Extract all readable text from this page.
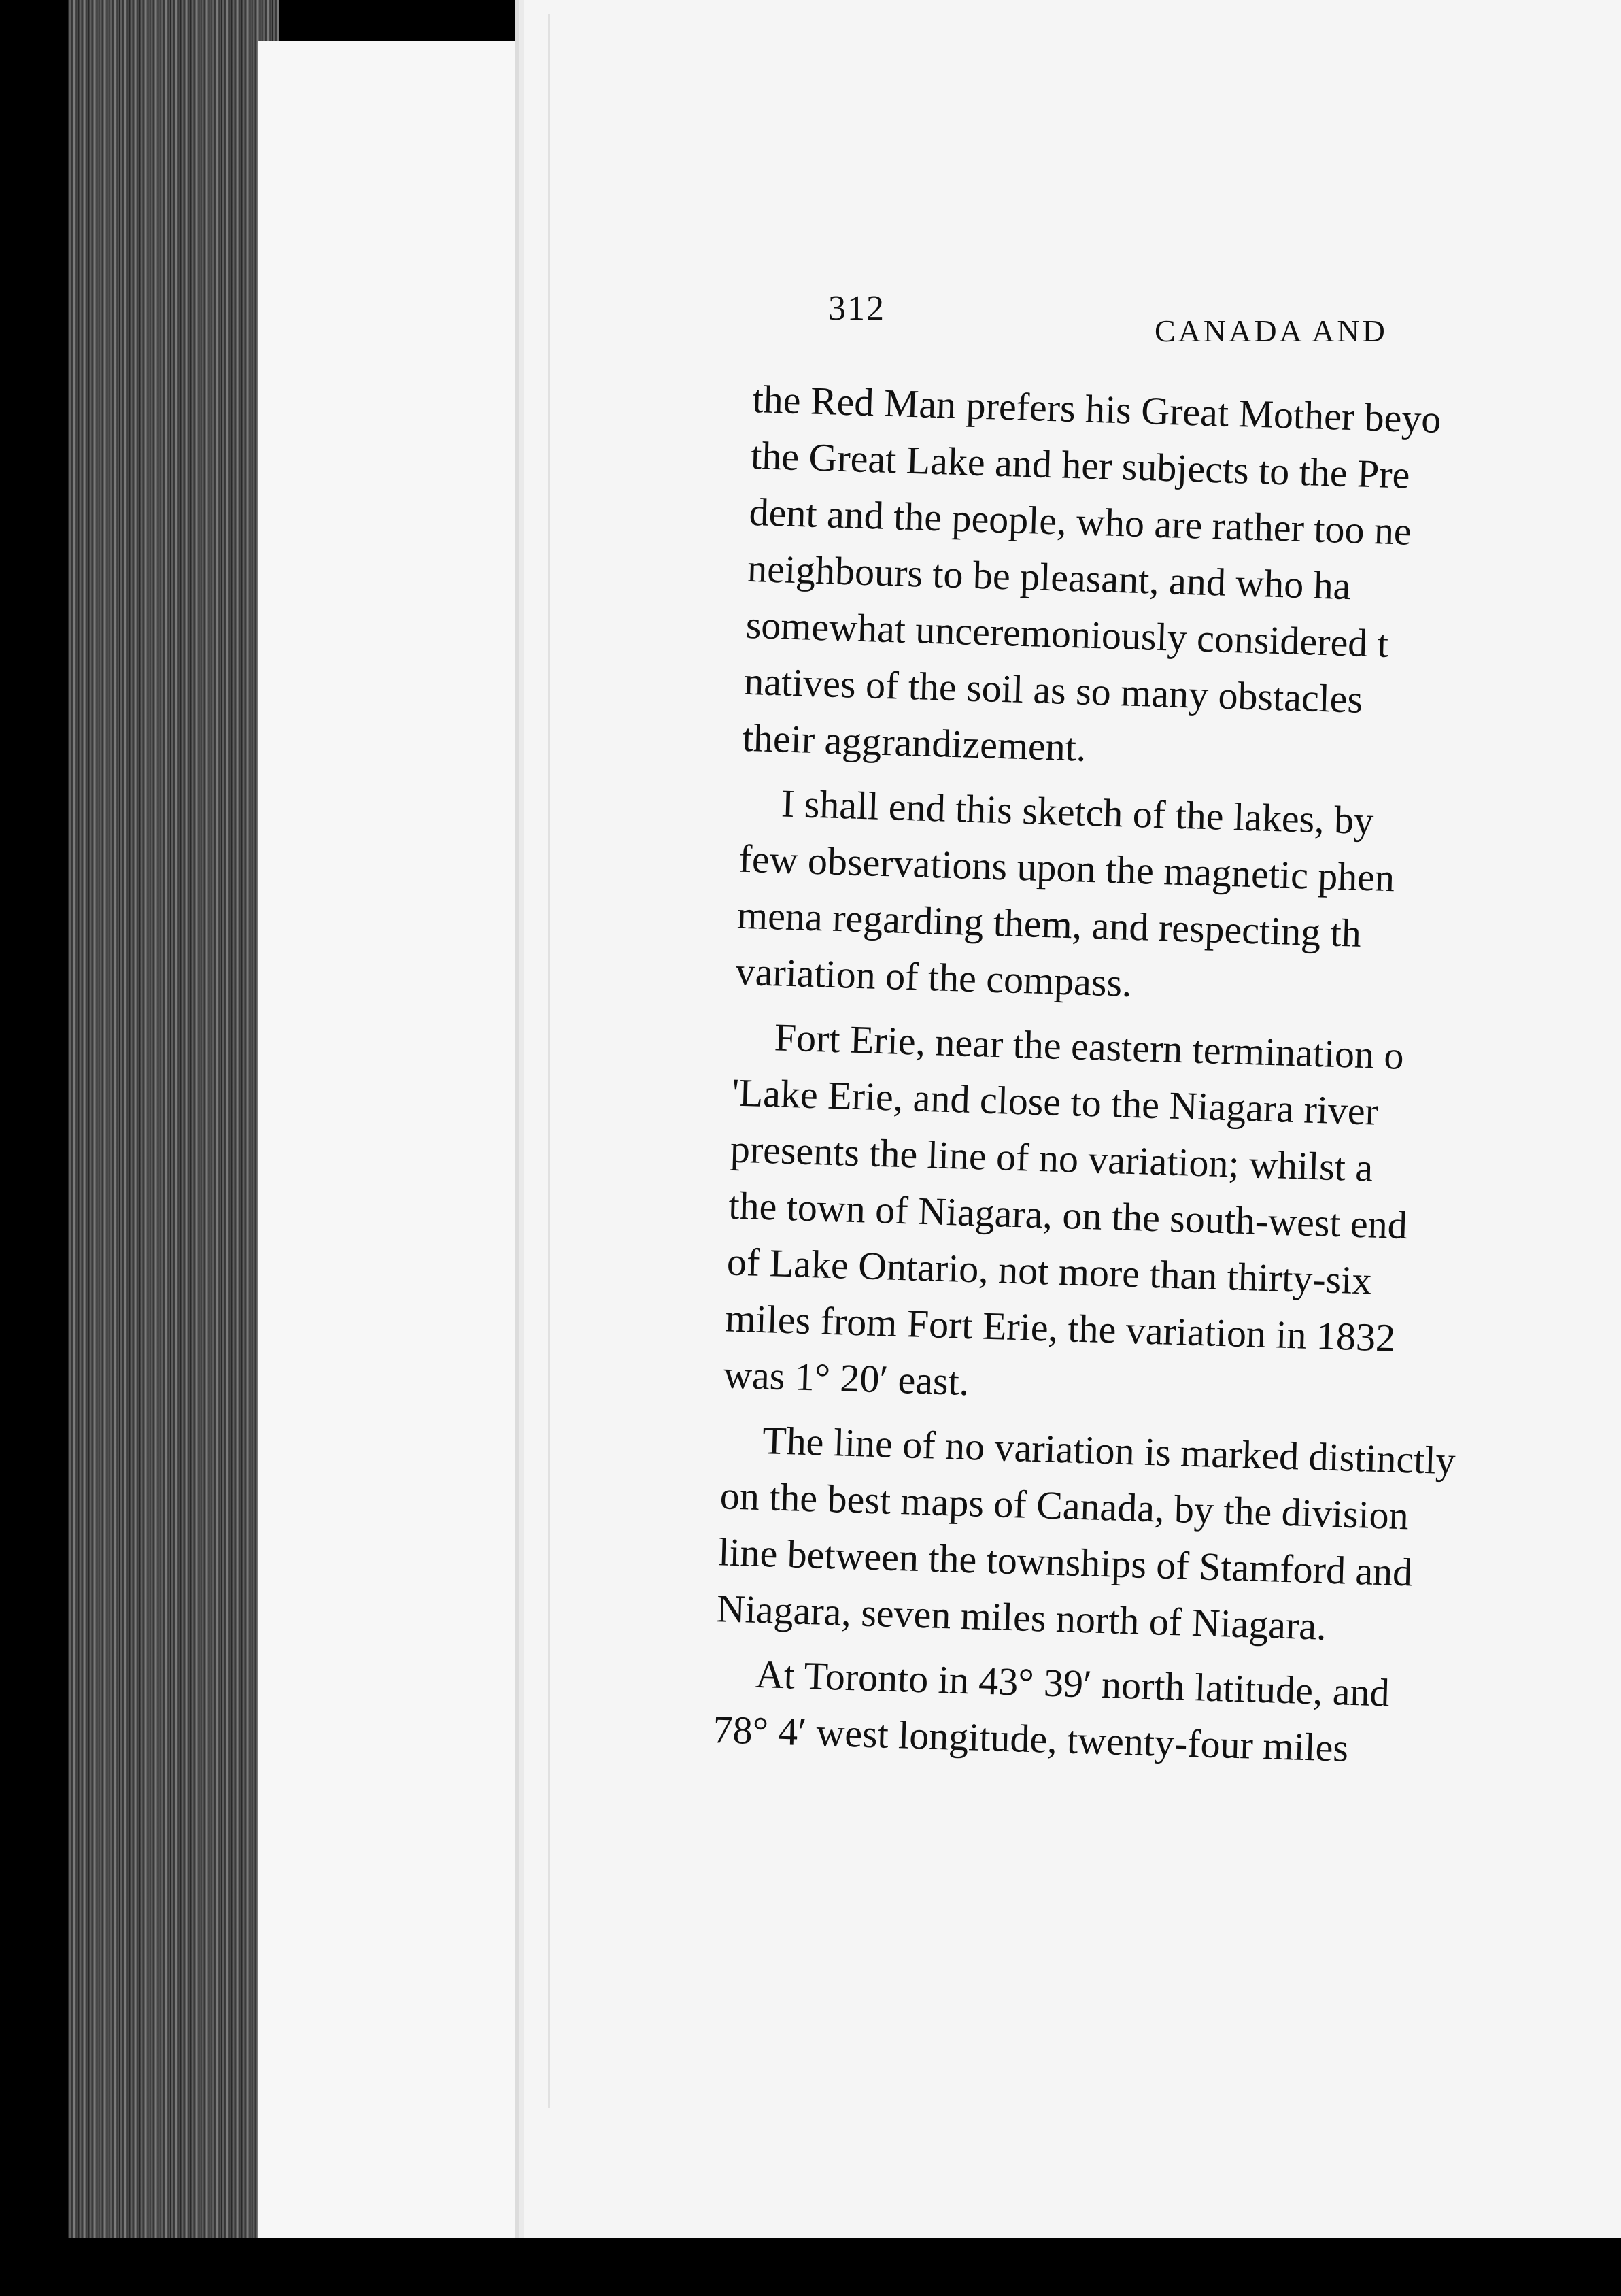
312
CANADA AND
the Red Man prefers his Great Mother beyo
the Great Lake and her subjects to the Pre
dent and the people, who are rather too ne
neighbours to be pleasant, and who ha
somewhat unceremoniously considered t
natives of the soil as so many obstacles
their aggrandizement.
I shall end this sketch of the lakes, by
few observations upon the magnetic phen
mena regarding them, and respecting th
variation of the compass.
Fort Erie, near the eastern termination o
'Lake Erie, and close to the Niagara river
presents the line of no variation; whilst a
the town of Niagara, on the south-west end
of Lake Ontario, not more than thirty-six
miles from Fort Erie, the variation in 1832
was 1° 20′ east.
The line of no variation is marked distinctly
on the best maps of Canada, by the division
line between the townships of Stamford and
Niagara, seven miles north of Niagara.
At Toronto in 43° 39′ north latitude, and
78° 4′ west longitude, twenty-four miles
